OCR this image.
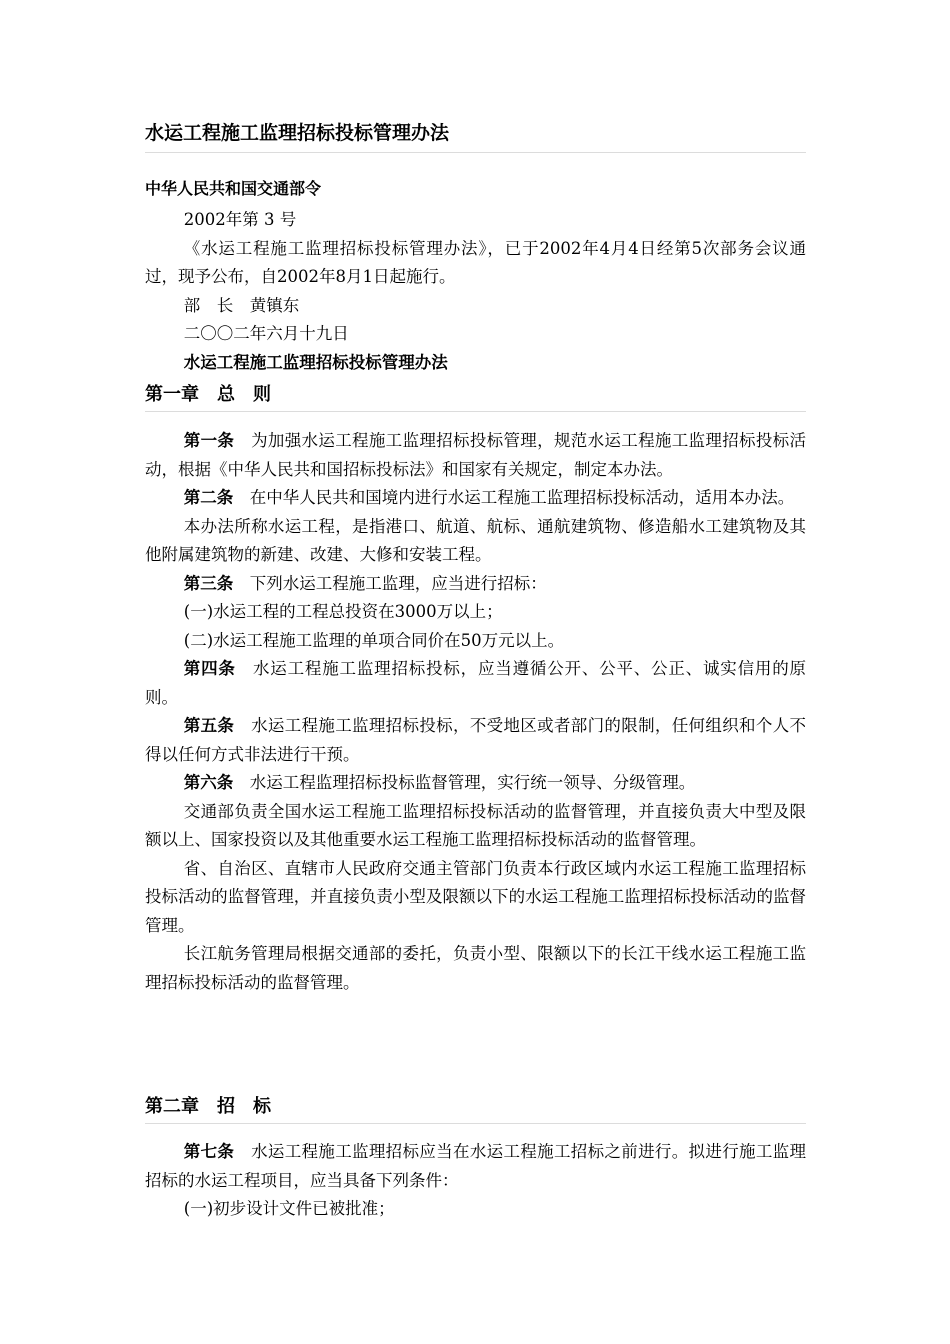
水运工程施工监理招标投标管理办法
中华人民共和国交通部令

2002年第 3 号

《水运工程施工监理招标投标管理办法》，已于2002年4月4日经第5次部务会议通过，现予公布，自2002年8月1日起施行。

部　长　黄镇东

二〇〇二年六月十九日

水运工程施工监理招标投标管理办法

第一章　总　则

第一条　 为加强水运工程施工监理招标投标管理，规范水运工程施工监理招标投标活动，根据《中华人民共和国招标投标法》和国家有关规定，制定本办法。

第二条　 在中华人民共和国境内进行水运工程施工监理招标投标活动，适用本办法。

本办法所称水运工程，是指港口、航道、航标、通航建筑物、修造船水工建筑物及其他附属建筑物的新建、改建、大修和安装工程。

第三条　 下列水运工程施工监理，应当进行招标：

(一)水运工程的工程总投资在3000万以上；

(二)水运工程施工监理的单项合同价在50万元以上。

第四条　 水运工程施工监理招标投标，应当遵循公开、公平、公正、诚实信用的原则。

第五条　 水运工程施工监理招标投标，不受地区或者部门的限制，任何组织和个人不得以任何方式非法进行干预。

第六条　 水运工程监理招标投标监督管理，实行统一领导、分级管理。

交通部负责全国水运工程施工监理招标投标活动的监督管理，并直接负责大中型及限额以上、国家投资以及其他重要水运工程施工监理招标投标活动的监督管理。

省、自治区、直辖市人民政府交通主管部门负责本行政区域内水运工程施工监理招标投标活动的监督管理，并直接负责小型及限额以下的水运工程施工监理招标投标活动的监督管理。

长江航务管理局根据交通部的委托，负责小型、限额以下的长江干线水运工程施工监理招标投标活动的监督管理。

第二章　招　标

第七条　 水运工程施工监理招标应当在水运工程施工招标之前进行。拟进行施工监理招标的水运工程项目，应当具备下列条件：

(一)初步设计文件已被批准；
